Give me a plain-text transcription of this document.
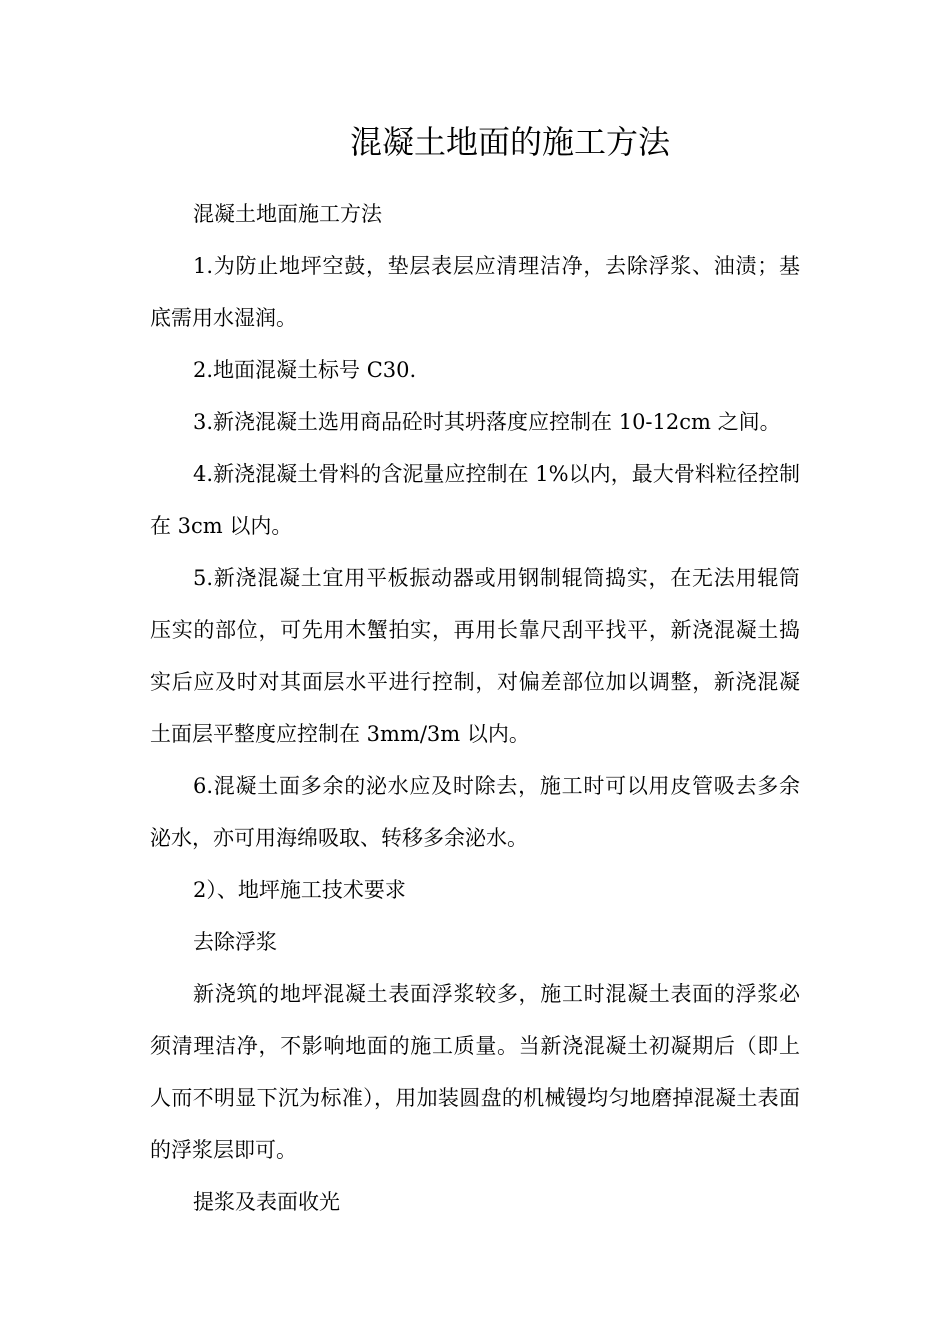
混凝土地面的施工方法

混凝土地面施工方法

1.为防止地坪空鼓，垫层表层应清理洁净，去除浮浆、油渍；基底需用水湿润。

2.地面混凝土标号 C30.

3.新浇混凝土选用商品砼时其坍落度应控制在 10-12cm 之间。

4.新浇混凝土骨料的含泥量应控制在 1%以内，最大骨料粒径控制在 3cm 以内。

5.新浇混凝土宜用平板振动器或用钢制辊筒捣实，在无法用辊筒压实的部位，可先用木蟹拍实，再用长靠尺刮平找平，新浇混凝土捣实后应及时对其面层水平进行控制，对偏差部位加以调整，新浇混凝土面层平整度应控制在 3mm/3m 以内。

6.混凝土面多余的泌水应及时除去，施工时可以用皮管吸去多余泌水，亦可用海绵吸取、转移多余泌水。

2）、地坪施工技术要求

去除浮浆

新浇筑的地坪混凝土表面浮浆较多，施工时混凝土表面的浮浆必须清理洁净，不影响地面的施工质量。当新浇混凝土初凝期后（即上人而不明显下沉为标准），用加装圆盘的机械镘均匀地磨掉混凝土表面的浮浆层即可。

提浆及表面收光
